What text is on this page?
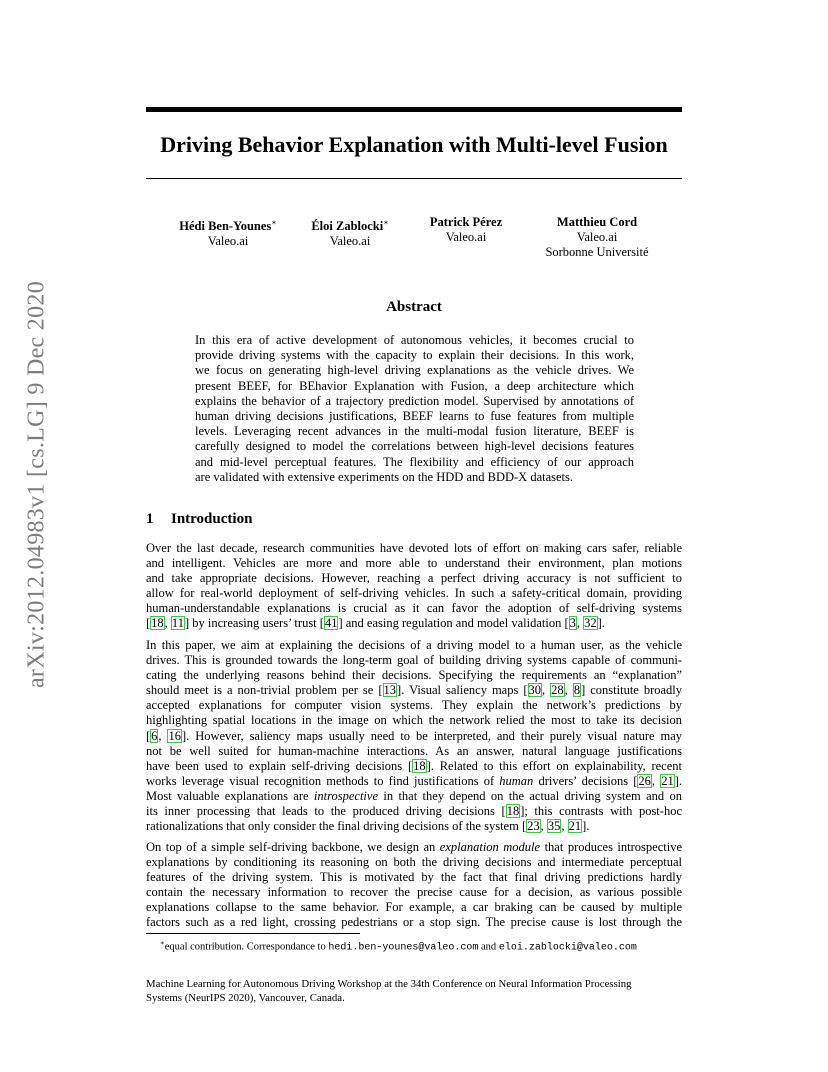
Driving Behavior Explanation with Multi-level Fusion
arXiv:2012.04983v1 [cs.LG] 9 Dec 2020
Hédi Ben-Younes∗
Valeo.ai
Éloi Zablocki∗
Valeo.ai
Patrick Pérez
Valeo.ai
Matthieu Cord
Valeo.ai
Sorbonne Université
Abstract
In this era of active development of autonomous vehicles, it becomes crucial to
provide driving systems with the capacity to explain their decisions. In this work,
we focus on generating high-level driving explanations as the vehicle drives. We
present BEEF, for BEhavior Explanation with Fusion, a deep architecture which
explains the behavior of a trajectory prediction model. Supervised by annotations of
human driving decisions justifications, BEEF learns to fuse features from multiple
levels. Leveraging recent advances in the multi-modal fusion literature, BEEF is
carefully designed to model the correlations between high-level decisions features
and mid-level perceptual features. The flexibility and efficiency of our approach
are validated with extensive experiments on the HDD and BDD-X datasets.
1 Introduction
Over the last decade, research communities have devoted lots of effort on making cars safer, reliable
and intelligent. Vehicles are more and more able to understand their environment, plan motions
and take appropriate decisions. However, reaching a perfect driving accuracy is not sufficient to
allow for real-world deployment of self-driving vehicles. In such a safety-critical domain, providing
human-understandable explanations is crucial as it can favor the adoption of self-driving systems
[18, 11] by increasing users’ trust [41] and easing regulation and model validation [3, 32].
In this paper, we aim at explaining the decisions of a driving model to a human user, as the vehicle
drives. This is grounded towards the long-term goal of building driving systems capable of communi-
cating the underlying reasons behind their decisions. Specifying the requirements an “explanation”
should meet is a non-trivial problem per se [13]. Visual saliency maps [30, 28, 8] constitute broadly
accepted explanations for computer vision systems. They explain the network’s predictions by
highlighting spatial locations in the image on which the network relied the most to take its decision
[6, 16]. However, saliency maps usually need to be interpreted, and their purely visual nature may
not be well suited for human-machine interactions. As an answer, natural language justifications
have been used to explain self-driving decisions [18]. Related to this effort on explainability, recent
works leverage visual recognition methods to find justifications of human drivers’ decisions [26, 21].
Most valuable explanations are introspective in that they depend on the actual driving system and on
its inner processing that leads to the produced driving decisions [18]; this contrasts with post-hoc
rationalizations that only consider the final driving decisions of the system [23, 35, 21].
On top of a simple self-driving backbone, we design an explanation module that produces introspective
explanations by conditioning its reasoning on both the driving decisions and intermediate perceptual
features of the driving system. This is motivated by the fact that final driving predictions hardly
contain the necessary information to recover the precise cause for a decision, as various possible
explanations collapse to the same behavior. For example, a car braking can be caused by multiple
factors such as a red light, crossing pedestrians or a stop sign. The precise cause is lost through the
∗equal contribution. Correspondance to hedi.ben-younes@valeo.com and eloi.zablocki@valeo.com
Machine Learning for Autonomous Driving Workshop at the 34th Conference on Neural Information Processing
Systems (NeurIPS 2020), Vancouver, Canada.
